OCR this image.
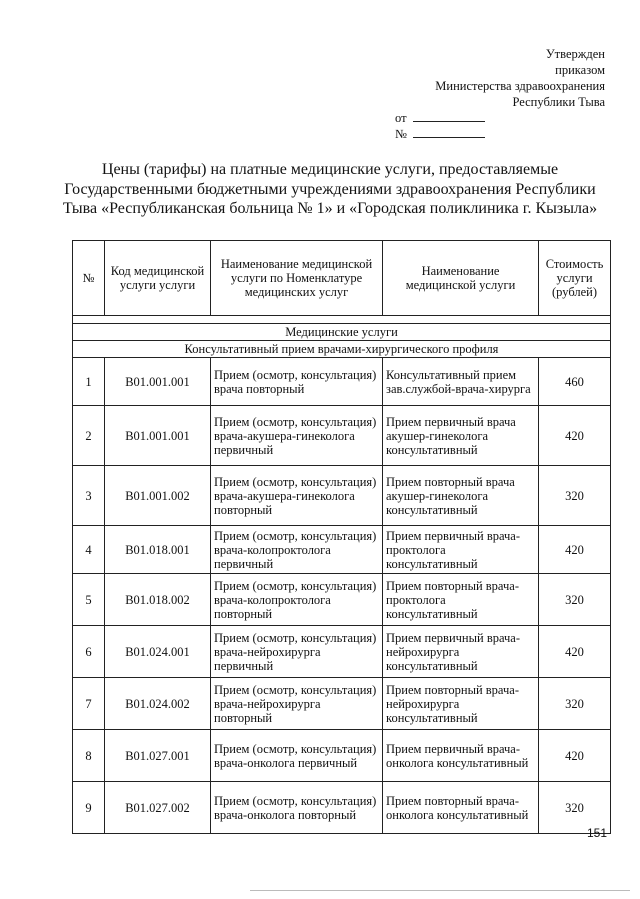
Утвержден
приказом
Министерства здравоохранения
Республики Тыва
от
№
Цены (тарифы) на платные медицинские услуги, предоставляемые
Государственными бюджетными учреждениями здравоохранения Республики
Тыва «Республиканская больница № 1» и «Городская поликлиника г. Кызыла»
№	Код медицинской услуги услуги	Наименование медицинской услуги по Номенклатуре медицинских услуг	Наименование медицинской услуги	Стоимость услуги (рублей)

Медицинские услуги				
Консультативный прием врачами-хирургического профиля				
1	B01.001.001	Прием (осмотр, консультация) врача повторный	Консультативный прием зав.службой-врача-хирурга	460
2	B01.001.001	Прием (осмотр, консультация) врача-акушера-гинеколога первичный	Прием первичный врача акушер-гинеколога консультативный	420
3	B01.001.002	Прием (осмотр, консультация) врача-акушера-гинеколога повторный	Прием повторный врача акушер-гинеколога консультативный	320
4	B01.018.001	Прием (осмотр, консультация) врача-колопроктолога первичный	Прием первичный врача-проктолога консультативный	420
5	B01.018.002	Прием (осмотр, консультация) врача-колопроктолога повторный	Прием повторный врача-проктолога консультативный	320
6	B01.024.001	Прием (осмотр, консультация) врача-нейрохирурга первичный	Прием первичный врача-нейрохирурга консультативный	420
7	B01.024.002	Прием (осмотр, консультация) врача-нейрохирурга повторный	Прием повторный врача-нейрохирурга консультативный	320
8	B01.027.001	Прием (осмотр, консультация) врача-онколога первичный	Прием первичный врача-онколога консультативный	420
9	B01.027.002	Прием (осмотр, консультация) врача-онколога повторный	Прием повторный врача-онколога консультативный	320
151
